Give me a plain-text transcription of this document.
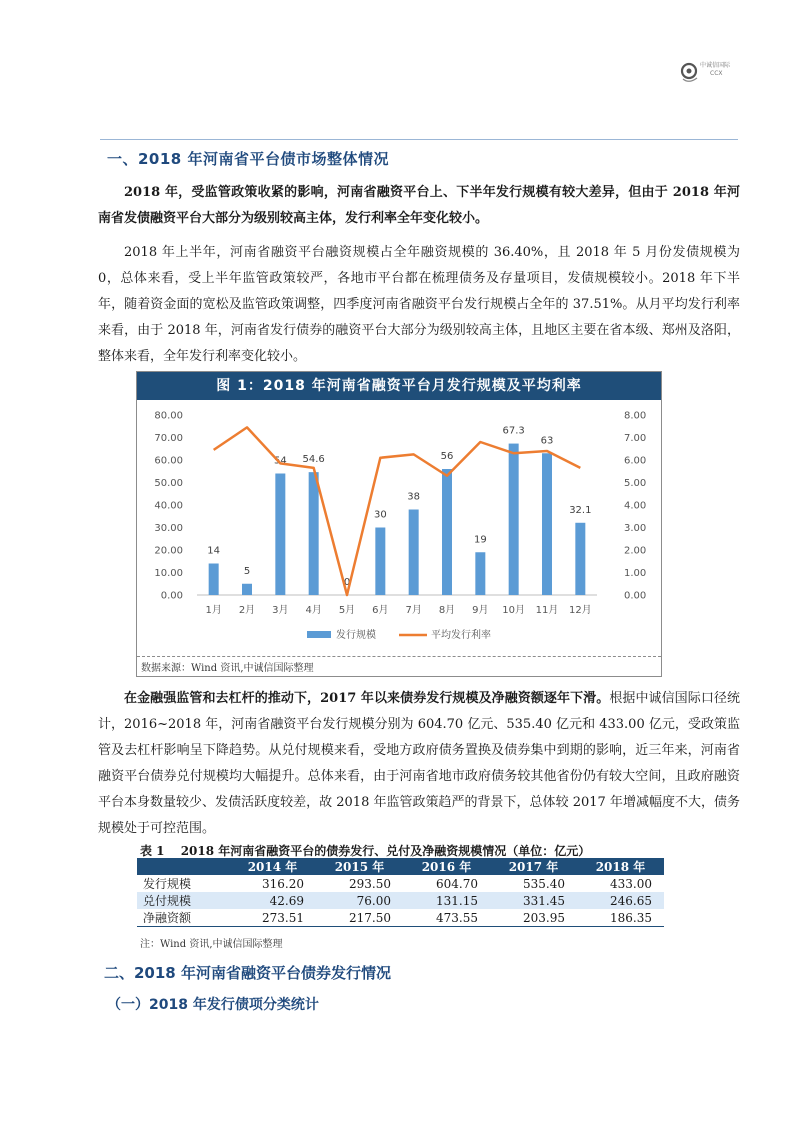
中诚信国际
CCX
一、2018 年河南省平台债市场整体情况
2018 年，受监管政策收紧的影响，河南省融资平台上、下半年发行规模有较大差异，但由于 2018 年河南省发债融资平台大部分为级别较高主体，发行利率全年变化较小。
2018 年上半年，河南省融资平台融资规模占全年融资规模的 36.40%，且 2018 年 5 月份发债规模为 0，总体来看，受上半年监管政策较严，各地市平台都在梳理债务及存量项目，发债规模较小。2018 年下半年，随着资金面的宽松及监管政策调整，四季度河南省融资平台发行规模占全年的 37.51%。从月平均发行利率来看，由于 2018 年，河南省发行债券的融资平台大部分为级别较高主体，且地区主要在省本级、郑州及洛阳，整体来看，全年发行利率变化较小。
图 1：2018 年河南省融资平台月发行规模及平均利率
0.00
10.00
20.00
30.00
40.00
50.00
60.00
70.00
80.00
0.00
1.00
2.00
3.00
4.00
5.00
6.00
7.00
8.00
14
5
54 54.6
0
30
38
56
19
67.3
63
32.1
1月 2月 3月 4月 5月 6月 7月 8月 9月 10月 11月 12月
发行规模	平均发行利率
数据来源：Wind 资讯,中诚信国际整理
在金融强监管和去杠杆的推动下，2017 年以来债券发行规模及净融资额逐年下滑。根据中诚信国际口径统计，2016~2018 年，河南省融资平台发行规模分别为 604.70 亿元、535.40 亿元和 433.00 亿元，受政策监管及去杠杆影响呈下降趋势。从兑付规模来看，受地方政府债务置换及债券集中到期的影响，近三年来，河南省融资平台债券兑付规模均大幅提升。总体来看，由于河南省地市政府债务较其他省份仍有较大空间，且政府融资平台本身数量较少、发债活跃度较差，故 2018 年监管政策趋严的背景下，总体较 2017 年增减幅度不大，债务规模处于可控范围。
表 1 　2018 年河南省融资平台的债券发行、兑付及净融资规模情况（单位：亿元）
	2014 年	2015 年	2016 年	2017 年	2018 年
发行规模	316.20	293.50	604.70	535.40	433.00
兑付规模	42.69	76.00	131.15	331.45	246.65
净融资额	273.51	217.50	473.55	203.95	186.35
注：Wind 资讯,中诚信国际整理
二、2018 年河南省融资平台债券发行情况
（一）2018 年发行债项分类统计
